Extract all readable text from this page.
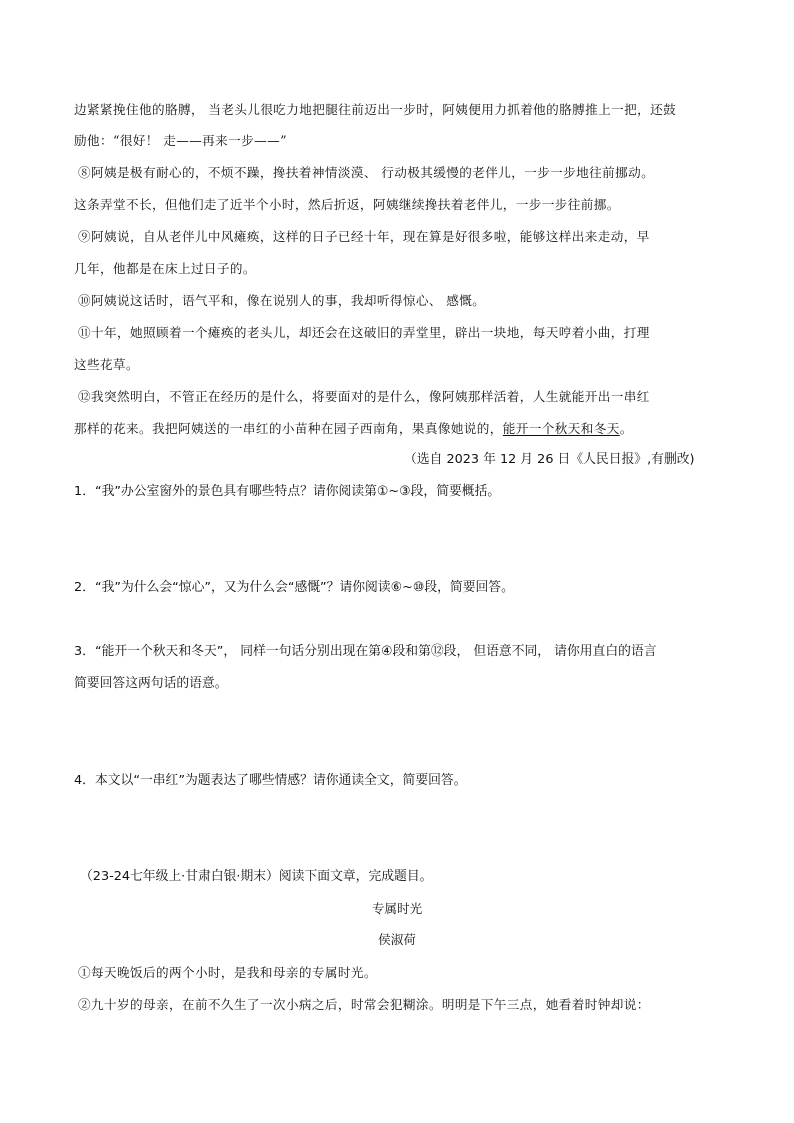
边紧紧挽住他的胳膊， 当老头儿很吃力地把腿往前迈出一步时，阿姨便用力抓着他的胳膊推上一把，还鼓
励他：“很好！ 走——再来一步——”
⑧阿姨是极有耐心的，不烦不躁，搀扶着神情淡漠、 行动极其缓慢的老伴儿，一步一步地往前挪动。
这条弄堂不长，但他们走了近半个小时，然后折返，阿姨继续搀扶着老伴儿，一步一步往前挪。
⑨阿姨说，自从老伴儿中风瘫痪，这样的日子已经十年，现在算是好很多啦，能够这样出来走动，早
几年，他都是在床上过日子的。
⑩阿姨说这话时，语气平和，像在说别人的事，我却听得惊心、 感慨。
⑪十年，她照顾着一个瘫痪的老头儿，却还会在这破旧的弄堂里，辟出一块地，每天哼着小曲，打理
这些花草。
⑫我突然明白，不管正在经历的是什么，将要面对的是什么，像阿姨那样活着，人生就能开出一串红
那样的花来。我把阿姨送的一串红的小苗种在园子西南角，果真像她说的，能开一个秋天和冬天。
（选自 2023 年 12 月 26 日《人民日报》,有删改)
1．“我”办公室窗外的景色具有哪些特点？请你阅读第①~③段，简要概括。
2．“我”为什么会“惊心”，又为什么会“感慨”？请你阅读⑥~⑩段，简要回答。
3．“能开一个秋天和冬天”， 同样一句话分别出现在第④段和第⑫段， 但语意不同， 请你用直白的语言
简要回答这两句话的语意。
4．本文以“一串红”为题表达了哪些情感？请你通读全文，简要回答。
（23-24七年级上·甘肃白银·期末）阅读下面文章，完成题目。
专属时光
侯淑荷
①每天晚饭后的两个小时，是我和母亲的专属时光。
②九十岁的母亲，在前不久生了一次小病之后，时常会犯糊涂。明明是下午三点，她看着时钟却说：
